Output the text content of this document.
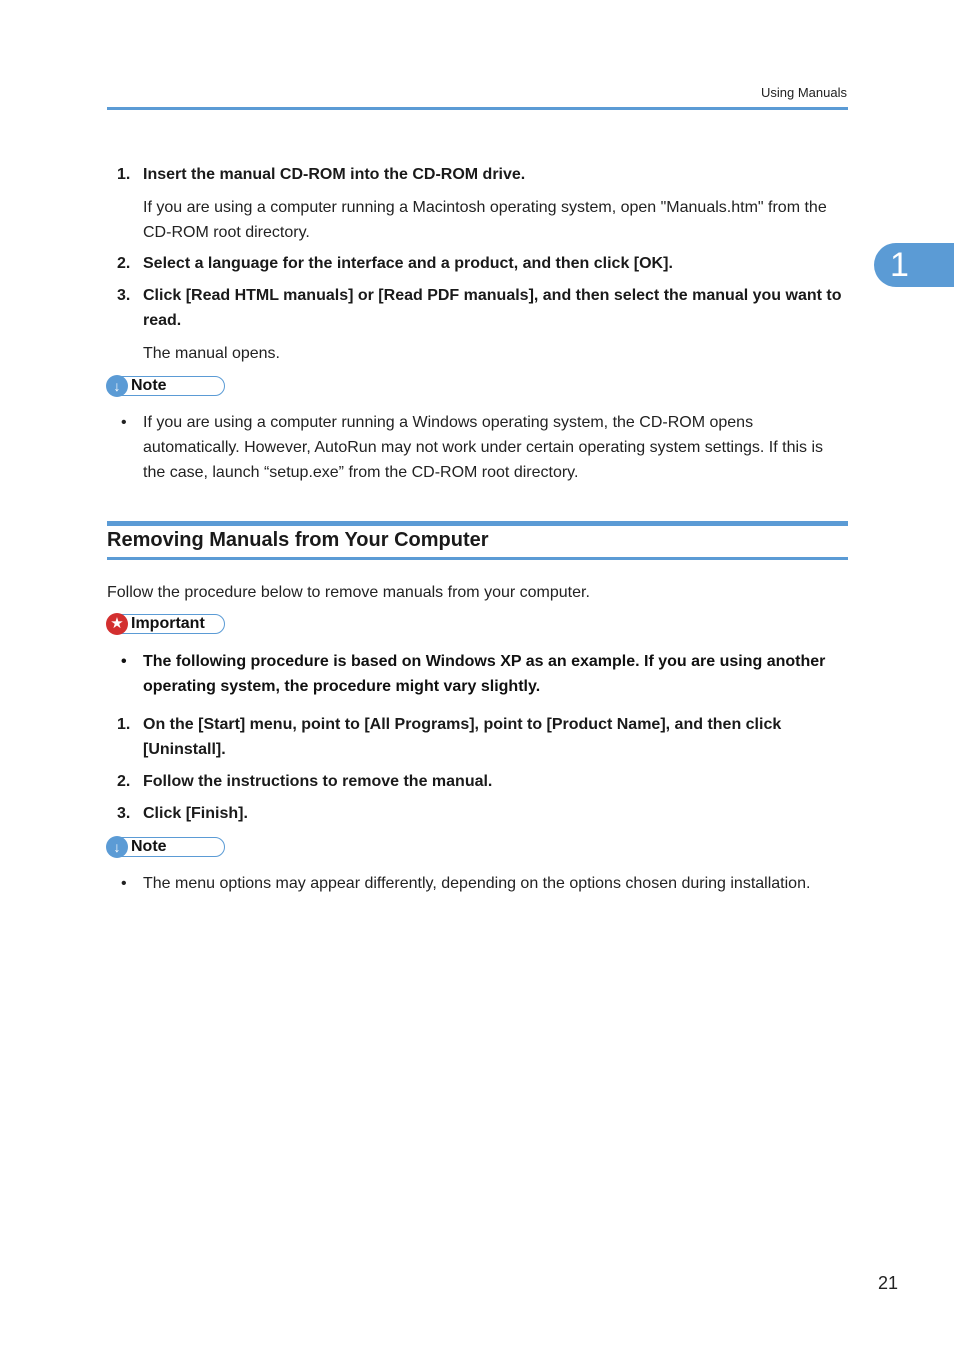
Using Manuals
1
1. Insert the manual CD-ROM into the CD-ROM drive.
If you are using a computer running a Macintosh operating system, open "Manuals.htm" from the CD-ROM root directory.
2. Select a language for the interface and a product, and then click [OK].
3. Click [Read HTML manuals] or [Read PDF manuals], and then select the manual you want to read.
The manual opens.
↓ Note
• If you are using a computer running a Windows operating system, the CD-ROM opens automatically. However, AutoRun may not work under certain operating system settings. If this is the case, launch “setup.exe” from the CD-ROM root directory.
Removing Manuals from Your Computer
Follow the procedure below to remove manuals from your computer.
★ Important
• The following procedure is based on Windows XP as an example. If you are using another operating system, the procedure might vary slightly.
1. On the [Start] menu, point to [All Programs], point to [Product Name], and then click [Uninstall].
2. Follow the instructions to remove the manual.
3. Click [Finish].
↓ Note
• The menu options may appear differently, depending on the options chosen during installation.
21
